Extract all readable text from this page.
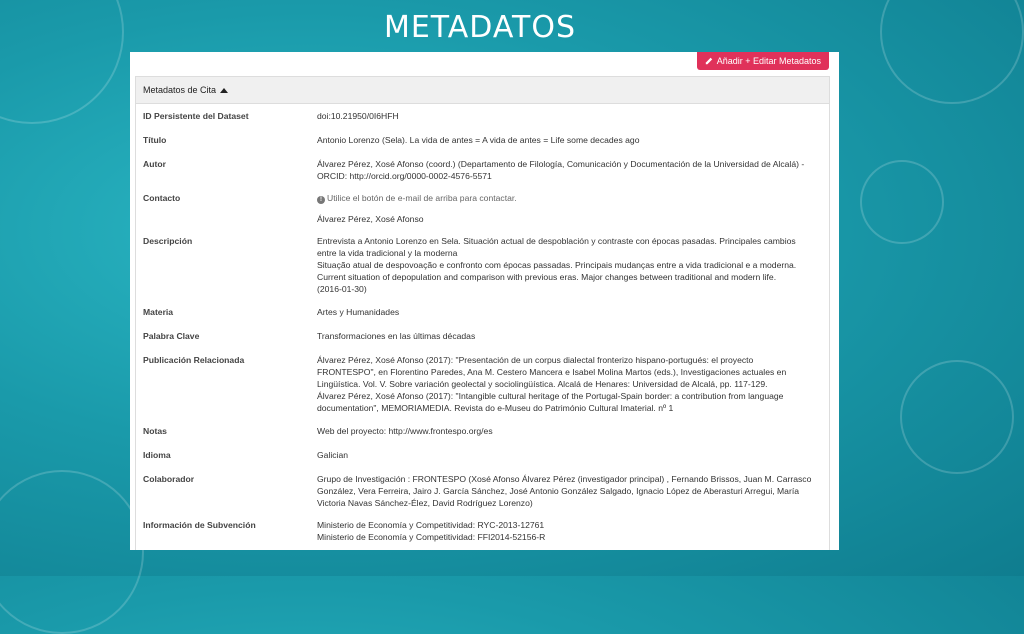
METADATOS
Añadir + Editar Metadatos
Metadatos de Cita
ID Persistente del Dataset	doi:10.21950/0I6HFH
Título	Antonio Lorenzo (Sela). La vida de antes = A vida de antes = Life some decades ago
Autor	Álvarez Pérez, Xosé Afonso (coord.) (Departamento de Filología, Comunicación y Documentación de la Universidad de Alcalá) -
ORCID: http://orcid.org/0000-0002-4576-5571
Contacto	! Utilice el botón de e-mail de arriba para contactar.
Álvarez Pérez, Xosé Afonso
Descripción	Entrevista a Antonio Lorenzo en Sela. Situación actual de despoblación y contraste con épocas pasadas. Principales cambios
entre la vida tradicional y la moderna
Situação atual de despovoação e confronto com épocas passadas. Principais mudanças entre a vida tradicional e a moderna.
Current situation of depopulation and comparison with previous eras. Major changes between traditional and modern life.
(2016-01-30)
Materia	Artes y Humanidades
Palabra Clave	Transformaciones en las últimas décadas
Publicación Relacionada	Álvarez Pérez, Xosé Afonso (2017): "Presentación de un corpus dialectal fronterizo hispano-portugués: el proyecto
FRONTESPO", en Florentino Paredes, Ana M. Cestero Mancera e Isabel Molina Martos (eds.), Investigaciones actuales en
Lingüística. Vol. V. Sobre variación geolectal y sociolingüística. Alcalá de Henares: Universidad de Alcalá, pp. 117-129.
Álvarez Pérez, Xosé Afonso (2017): "Intangible cultural heritage of the Portugal-Spain border: a contribution from language
documentation", MEMORIAMEDIA. Revista do e-Museu do Património Cultural Imaterial. nº 1
Notas	Web del proyecto: http://www.frontespo.org/es
Idioma	Galician
Colaborador	Grupo de Investigación : FRONTESPO (Xosé Afonso Álvarez Pérez (investigador principal) , Fernando Brissos, Juan M. Carrasco
González, Vera Ferreira, Jairo J. García Sánchez, José Antonio González Salgado, Ignacio López de Aberasturi Arregui, María
Victoria Navas Sánchez-Élez, David Rodríguez Lorenzo)
Información de Subvención	Ministerio de Economía y Competitividad: RYC-2013-12761
Ministerio de Economía y Competitividad: FFI2014-52156-R
